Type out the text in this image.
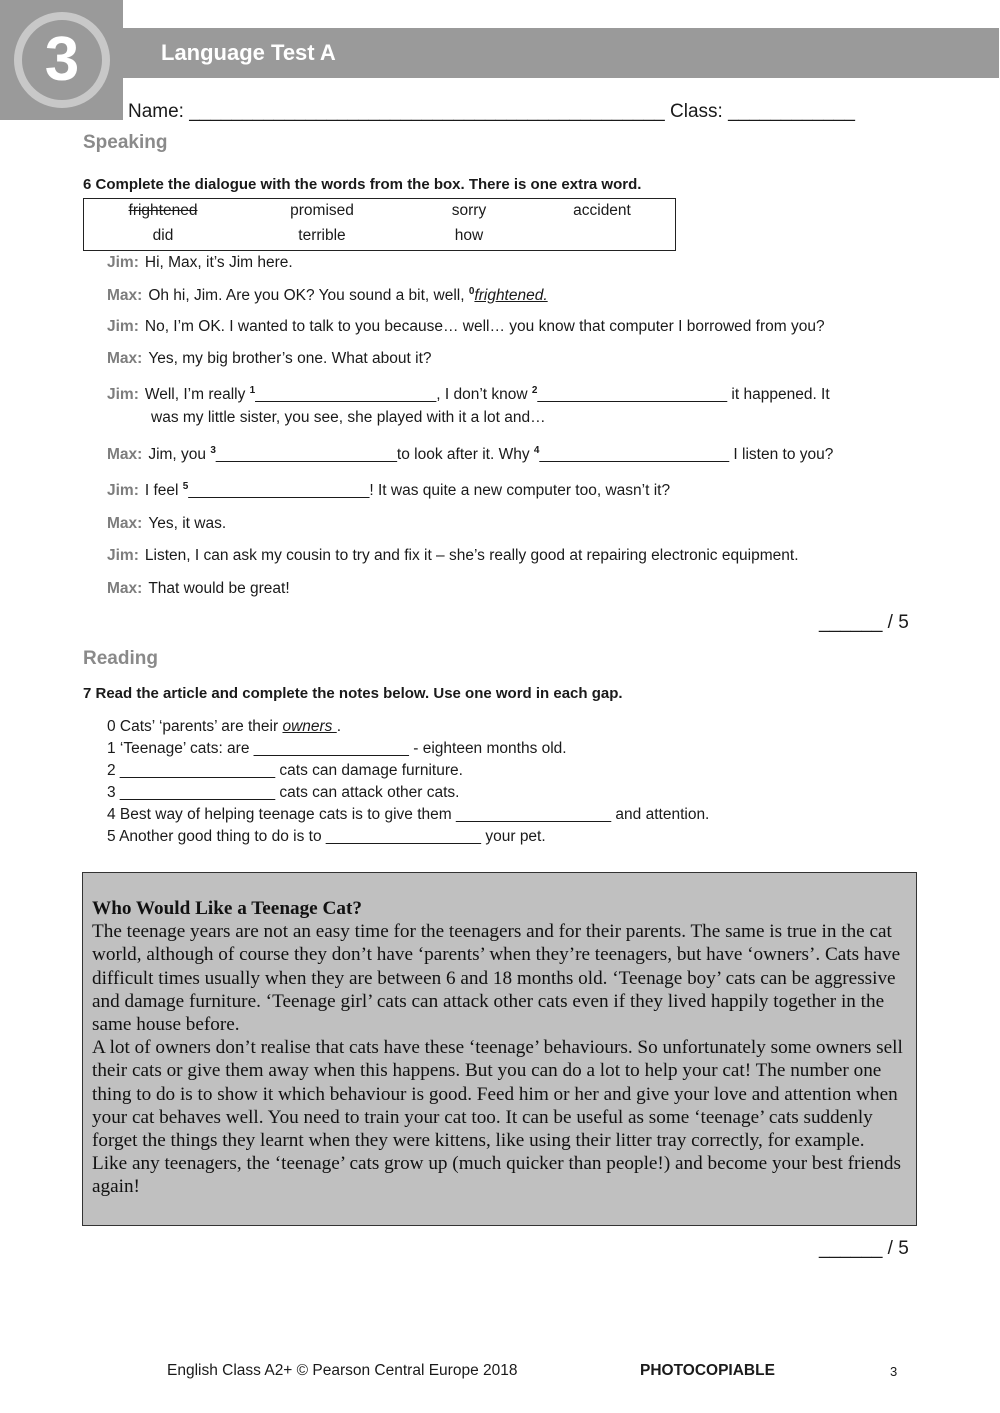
3	Language Test A
Name: _____________________________________________ Class: ____________
Speaking
6 Complete the dialogue with the words from the box. There is one extra word.
frightened	promised	sorry	accident
did	terrible	how
Jim: Hi, Max, it’s Jim here.
Max: Oh hi, Jim. Are you OK? You sound a bit, well, $^0$frightened.
Jim: No, I’m OK. I wanted to talk to you because… well… you know that computer I borrowed from you?
Max: Yes, my big brother’s one. What about it?
Jim: Well, I’m really $^1$_____________________, I don’t know $^2$______________________ it happened. It
was my little sister, you see, she played with it a lot and…
Max: Jim, you $^3$_____________________to look after it. Why $^4$______________________ I listen to you?
Jim: I feel $^5$_____________________! It was quite a new computer too, wasn’t it?
Max: Yes, it was.
Jim: Listen, I can ask my cousin to try and fix it – she’s really good at repairing electronic equipment.
Max: That would be great!
______ / 5
Reading
7 Read the article and complete the notes below. Use one word in each gap.
0 Cats’ ‘parents’ are their owners .
1 ‘Teenage’ cats: are __________________ - eighteen months old.
2 __________________ cats can damage furniture.
3 __________________ cats can attack other cats.
4 Best way of helping teenage cats is to give them __________________ and attention.
5 Another good thing to do is to __________________ your pet.
Who Would Like a Teenage Cat?
The teenage years are not an easy time for the teenagers and for their parents. The same is true in the cat world, although of course they don’t have ‘parents’ when they’re teenagers, but have ‘owners’. Cats have difficult times usually when they are between 6 and 18 months old. ‘Teenage boy’ cats can be aggressive and damage furniture. ‘Teenage girl’ cats can attack other cats even if they lived happily together in the same house before.
A lot of owners don’t realise that cats have these ‘teenage’ behaviours. So unfortunately some owners sell their cats or give them away when this happens. But you can do a lot to help your cat! The number one thing to do is to show it which behaviour is good. Feed him or her and give your love and attention when your cat behaves well. You need to train your cat too. It can be useful as some ‘teenage’ cats suddenly forget the things they learnt when they were kittens, like using their litter tray correctly, for example.
Like any teenagers, the ‘teenage’ cats grow up (much quicker than people!) and become your best friends again!
______ / 5
English Class A2+ © Pearson Central Europe 2018	PHOTOCOPIABLE	3
